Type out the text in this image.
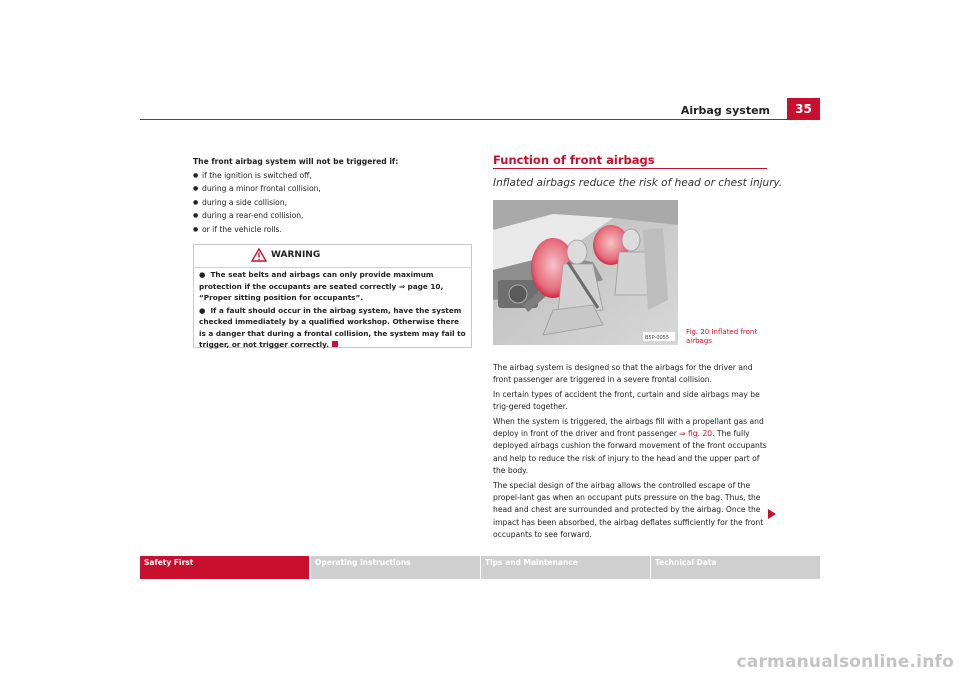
Airbag system	35
The front airbag system will not be triggered if:
● if the ignition is switched off,
● during a minor frontal collision,
● during a side collision,
● during a rear-end collision,
● or if the vehicle rolls.
WARNING

●  The seat belts and airbags can only provide maximum protection if the occupants are seated correctly ⇒ page 10, “Proper sitting position for occupants”.

●  If a fault should occur in the airbag system, have the system checked immediately by a qualified workshop. Otherwise there is a danger that during a frontal collision, the system may fail to trigger, or not trigger correctly.

Function of front airbags
Inflated airbags reduce the risk of head or chest injury.
B5P-0055
Fig. 20 Inflated front
airbags

The airbag system is designed so that the airbags for the driver and front passenger are triggered in a severe frontal collision.

In certain types of accident the front, curtain and side airbags may be trig-gered together.

When the system is triggered, the airbags fill with a propellant gas and deploy in front of the driver and front passenger ⇒ fig. 20. The fully deployed airbags cushion the forward movement of the front occupants and help to reduce the risk of injury to the head and the upper part of the body.

The special design of the airbag allows the controlled escape of the propel-lant gas when an occupant puts pressure on the bag. Thus, the head and chest are surrounded and protected by the airbag. Once the impact has been absorbed, the airbag deflates sufficiently for the front occupants to see forward.

Safety First	Operating instructions	Tips and Maintenance	Technical Data
carmanualsonline.info
